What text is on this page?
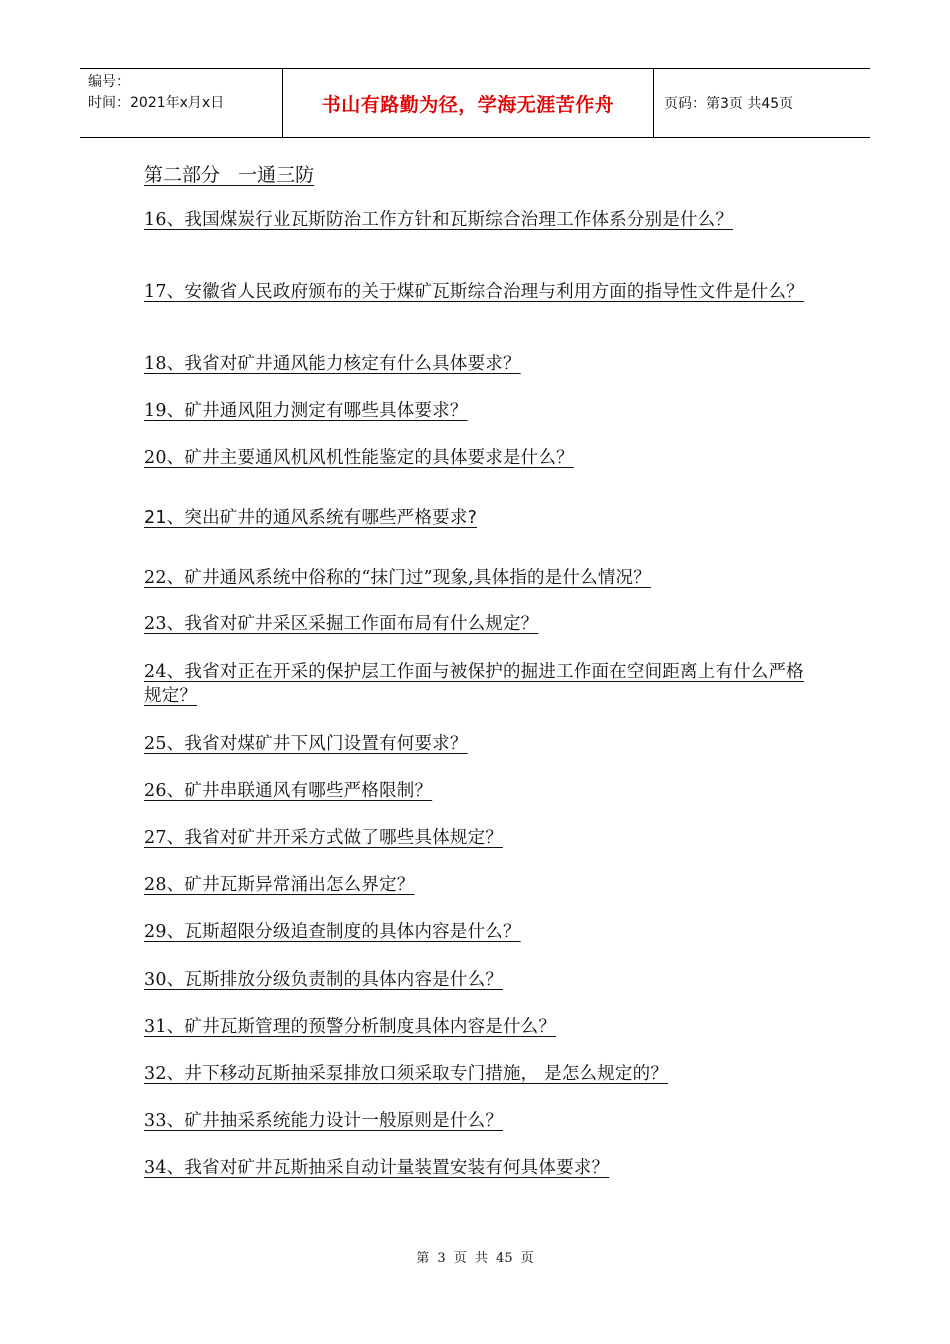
编号：
时间：2021年x月x日	书山有路勤为径，学海无涯苦作舟	页码：第3页 共45页
第二部分   一通三防
16、我国煤炭行业瓦斯防治工作方针和瓦斯综合治理工作体系分别是什么？
17、安徽省人民政府颁布的关于煤矿瓦斯综合治理与利用方面的指导性文件是什么？
18、我省对矿井通风能力核定有什么具体要求？
19、矿井通风阻力测定有哪些具体要求？
20、矿井主要通风机风机性能鉴定的具体要求是什么？
21、突出矿井的通风系统有哪些严格要求?
22、矿井通风系统中俗称的“抹门过”现象,具体指的是什么情况？
23、我省对矿井采区采掘工作面布局有什么规定？
24、我省对正在开采的保护层工作面与被保护的掘进工作面在空间距离上有什么严格规定？
25、我省对煤矿井下风门设置有何要求？
26、矿井串联通风有哪些严格限制？
27、我省对矿井开采方式做了哪些具体规定？
28、矿井瓦斯异常涌出怎么界定？
29、瓦斯超限分级追查制度的具体内容是什么？
30、瓦斯排放分级负责制的具体内容是什么？
31、矿井瓦斯管理的预警分析制度具体内容是什么？
32、井下移动瓦斯抽采泵排放口须采取专门措施， 是怎么规定的？
33、矿井抽采系统能力设计一般原则是什么？
34、我省对矿井瓦斯抽采自动计量装置安装有何具体要求？
第 3 页 共 45 页
